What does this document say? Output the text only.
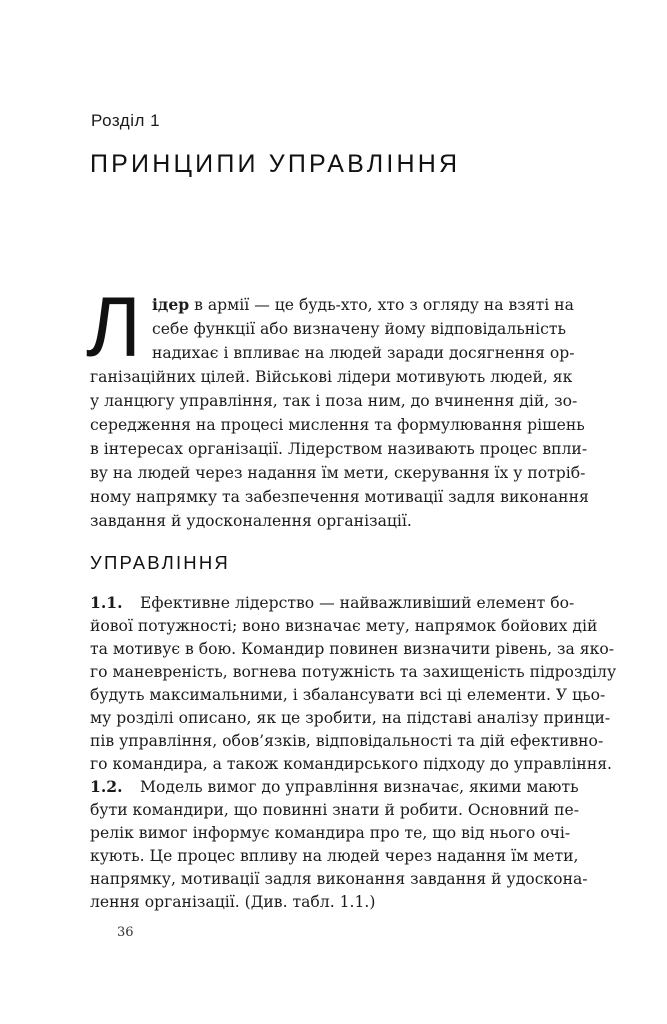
Розділ 1
ПРИНЦИПИ УПРАВЛІННЯ
Л ідер в армії — це будь-хто, хто з огляду на взяті на
себе функції або визначену йому відповідальність
надихає і впливає на людей заради досягнення ор-
ганізаційних цілей. Військові лідери мотивують людей, як
у ланцюгу управління, так і поза ним, до вчинення дій, зо-
середження на процесі мислення та формулювання рішень
в інтересах організації. Лідерством називають процес впли-
ву на людей через надання їм мети, скерування їх у потріб-
ному напрямку та забезпечення мотивації задля виконання
завдання й удосконалення організації.
УПРАВЛІННЯ
1.1. Ефективне лідерство — найважливіший елемент бо-
йової потужності; воно визначає мету, напрямок бойових дій
та мотивує в бою. Командир повинен визначити рівень, за яко-
го маневреність, вогнева потужність та захищеність підрозділу
будуть максимальними, і збалансувати всі ці елементи. У цьо-
му розділі описано, як це зробити, на підставі аналізу принци-
пів управління, обов’язків, відповідальності та дій ефективно-
го командира, а також командирського підходу до управління.
1.2. Модель вимог до управління визначає, якими мають
бути командири, що повинні знати й робити. Основний пе-
релік вимог інформує командира про те, що від нього очі-
кують. Це процес впливу на людей через надання їм мети,
напрямку, мотивації задля виконання завдання й удоскона-
лення організації. (Див. табл. 1.1.)
36
